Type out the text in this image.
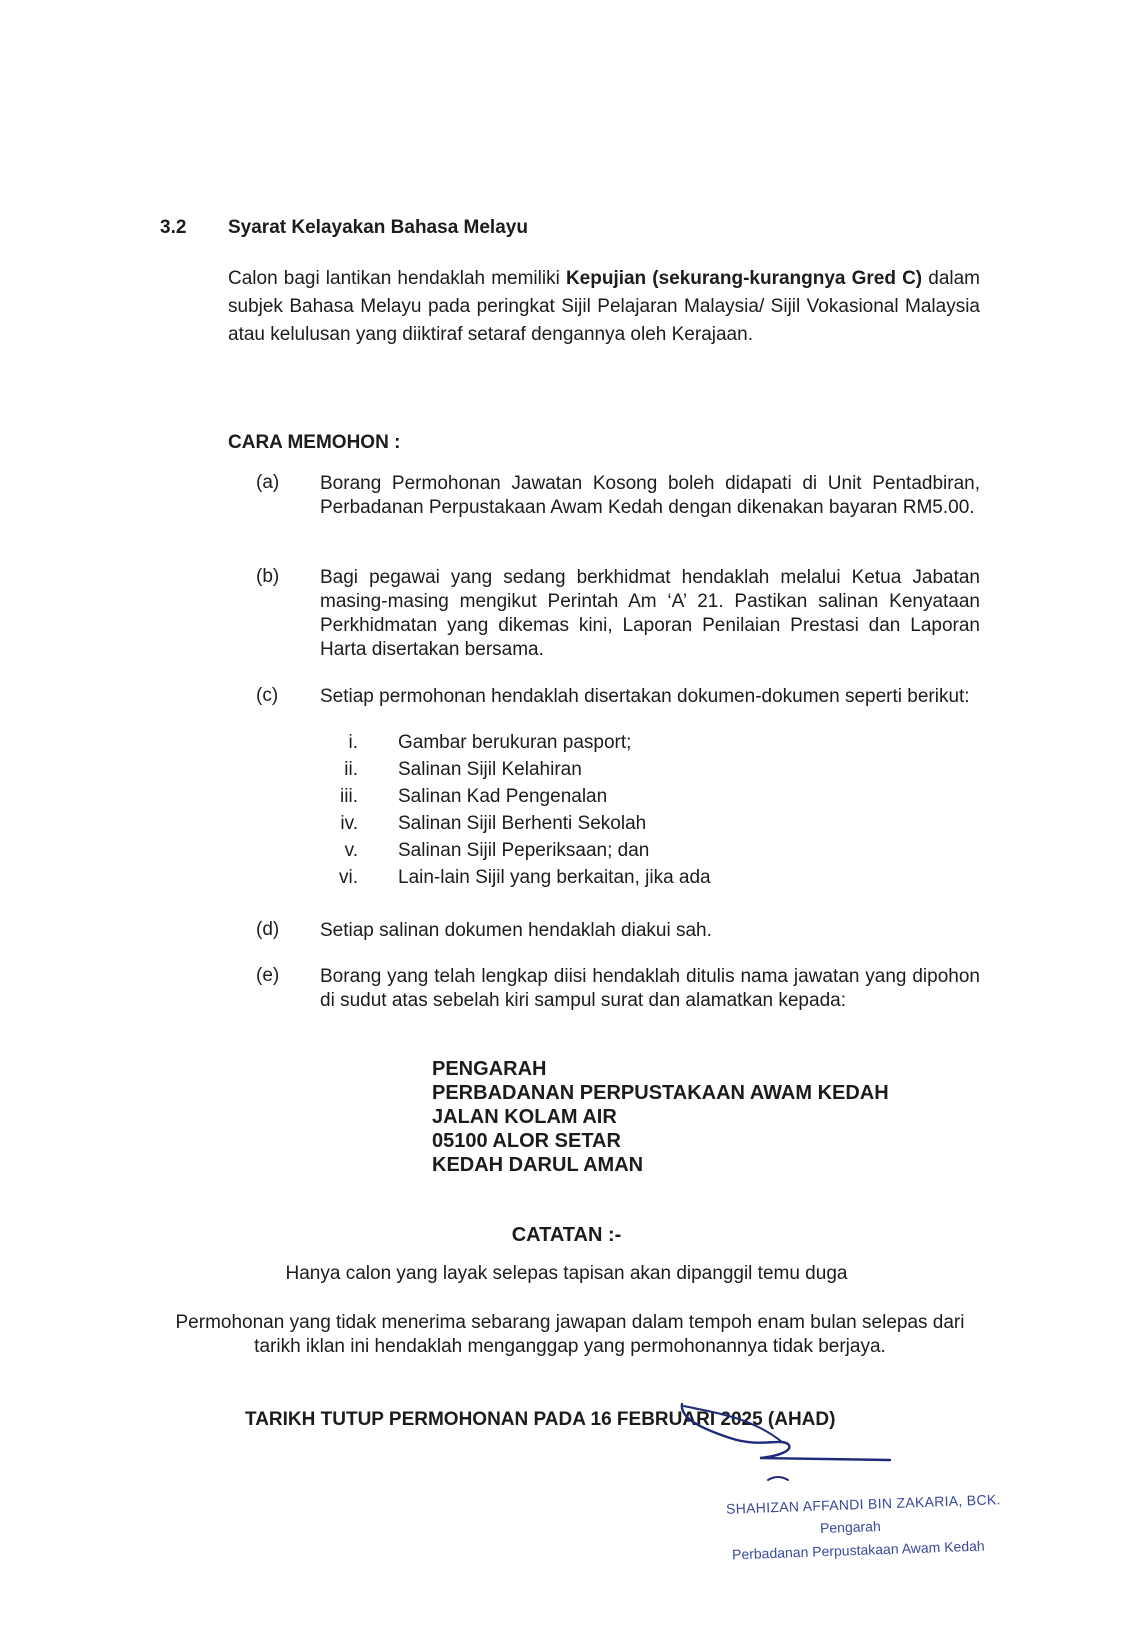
3.2 Syarat Kelayakan Bahasa Melayu
Calon bagi lantikan hendaklah memiliki Kepujian (sekurang-kurangnya Gred C) dalam subjek Bahasa Melayu pada peringkat Sijil Pelajaran Malaysia/ Sijil Vokasional Malaysia atau kelulusan yang diiktiraf setaraf dengannya oleh Kerajaan.
CARA MEMOHON :
(a) Borang Permohonan Jawatan Kosong boleh didapati di Unit Pentadbiran, Perbadanan Perpustakaan Awam Kedah dengan dikenakan bayaran RM5.00.
(b) Bagi pegawai yang sedang berkhidmat hendaklah melalui Ketua Jabatan masing-masing mengikut Perintah Am ‘A’ 21. Pastikan salinan Kenyataan Perkhidmatan yang dikemas kini, Laporan Penilaian Prestasi dan Laporan Harta disertakan bersama.
(c) Setiap permohonan hendaklah disertakan dokumen-dokumen seperti berikut:
i. Gambar berukuran pasport;
ii. Salinan Sijil Kelahiran
iii. Salinan Kad Pengenalan
iv. Salinan Sijil Berhenti Sekolah
v. Salinan Sijil Peperiksaan; dan
vi. Lain-lain Sijil yang berkaitan, jika ada
(d) Setiap salinan dokumen hendaklah diakui sah.
(e) Borang yang telah lengkap diisi hendaklah ditulis nama jawatan yang dipohon di sudut atas sebelah kiri sampul surat dan alamatkan kepada:
PENGARAH
PERBADANAN PERPUSTAKAAN AWAM KEDAH
JALAN KOLAM AIR
05100 ALOR SETAR
KEDAH DARUL AMAN
CATATAN :-
Hanya calon yang layak selepas tapisan akan dipanggil temu duga
Permohonan yang tidak menerima sebarang jawapan dalam tempoh enam bulan selepas dari tarikh iklan ini hendaklah menganggap yang permohonannya tidak berjaya.
TARIKH TUTUP PERMOHONAN PADA 16 FEBRUARI 2025 (AHAD)
SHAHIZAN AFFANDI BIN ZAKARIA, BCK.
Pengarah
Perbadanan Perpustakaan Awam Kedah
